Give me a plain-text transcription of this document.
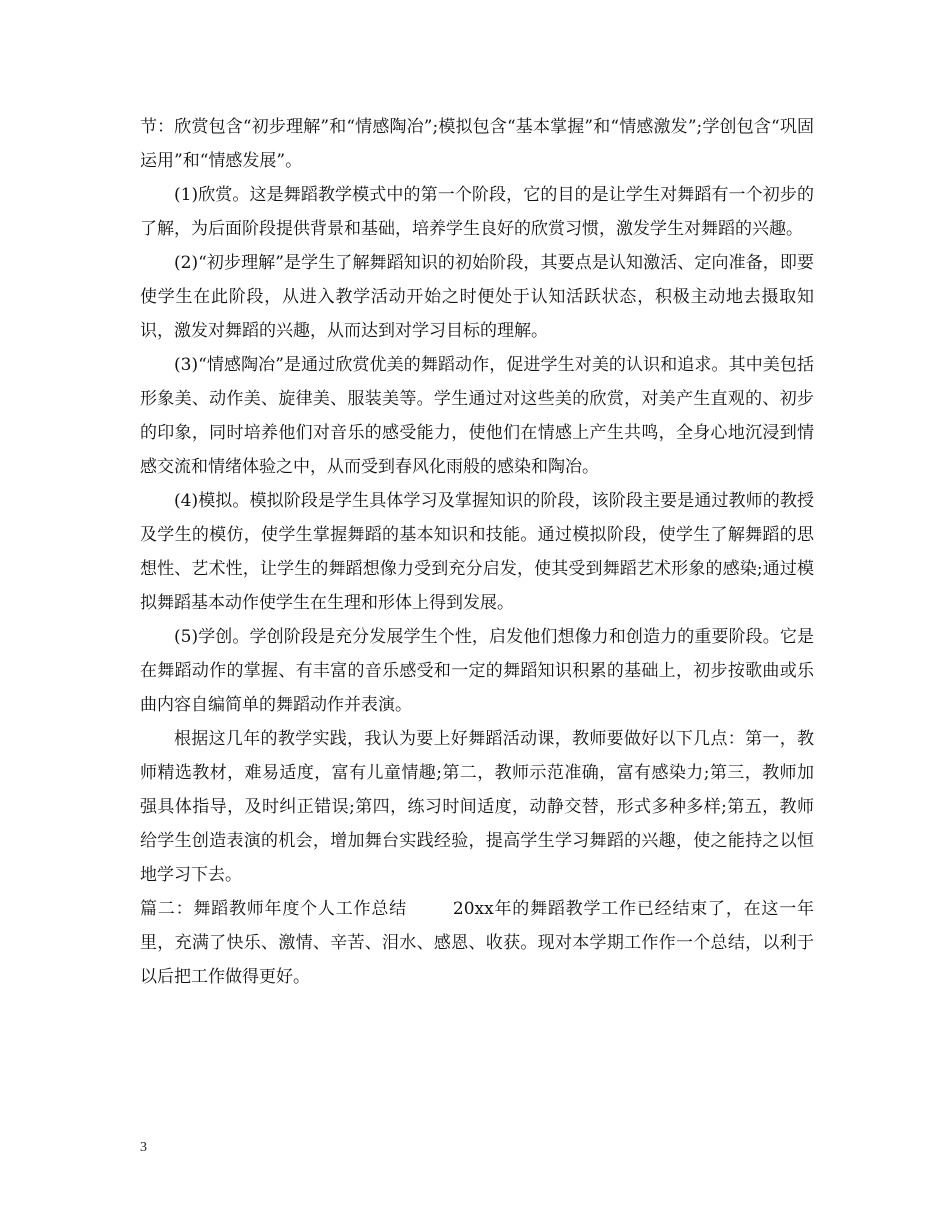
节：欣赏包含“初步理解”和“情感陶冶”;模拟包含“基本掌握”和“情感激发”;学创包含“巩固运用”和“情感发展”。

(1)欣赏。这是舞蹈教学模式中的第一个阶段，它的目的是让学生对舞蹈有一个初步的了解，为后面阶段提供背景和基础，培养学生良好的欣赏习惯，激发学生对舞蹈的兴趣。

(2)“初步理解”是学生了解舞蹈知识的初始阶段，其要点是认知激活、定向准备，即要使学生在此阶段，从进入教学活动开始之时便处于认知活跃状态，积极主动地去摄取知识，激发对舞蹈的兴趣，从而达到对学习目标的理解。

(3)“情感陶冶”是通过欣赏优美的舞蹈动作，促进学生对美的认识和追求。其中美包括形象美、动作美、旋律美、服装美等。学生通过对这些美的欣赏，对美产生直观的、初步的印象，同时培养他们对音乐的感受能力，使他们在情感上产生共鸣，全身心地沉浸到情感交流和情绪体验之中，从而受到春风化雨般的感染和陶冶。

(4)模拟。模拟阶段是学生具体学习及掌握知识的阶段，该阶段主要是通过教师的教授及学生的模仿，使学生掌握舞蹈的基本知识和技能。通过模拟阶段，使学生了解舞蹈的思想性、艺术性，让学生的舞蹈想像力受到充分启发，使其受到舞蹈艺术形象的感染;通过模拟舞蹈基本动作使学生在生理和形体上得到发展。

(5)学创。学创阶段是充分发展学生个性，启发他们想像力和创造力的重要阶段。它是在舞蹈动作的掌握、有丰富的音乐感受和一定的舞蹈知识积累的基础上，初步按歌曲或乐曲内容自编简单的舞蹈动作并表演。

根据这几年的教学实践，我认为要上好舞蹈活动课，教师要做好以下几点：第一，教师精选教材，难易适度，富有儿童情趣;第二，教师示范准确，富有感染力;第三，教师加强具体指导，及时纠正错误;第四，练习时间适度，动静交替，形式多种多样;第五，教师给学生创造表演的机会，增加舞台实践经验，提高学生学习舞蹈的兴趣，使之能持之以恒地学习下去。

篇二：舞蹈教师年度个人工作总结	20xx年的舞蹈教学工作已经结束了，在这一年里，充满了快乐、激情、辛苦、泪水、感恩、收获。现对本学期工作作一个总结，以利于以后把工作做得更好。

3
